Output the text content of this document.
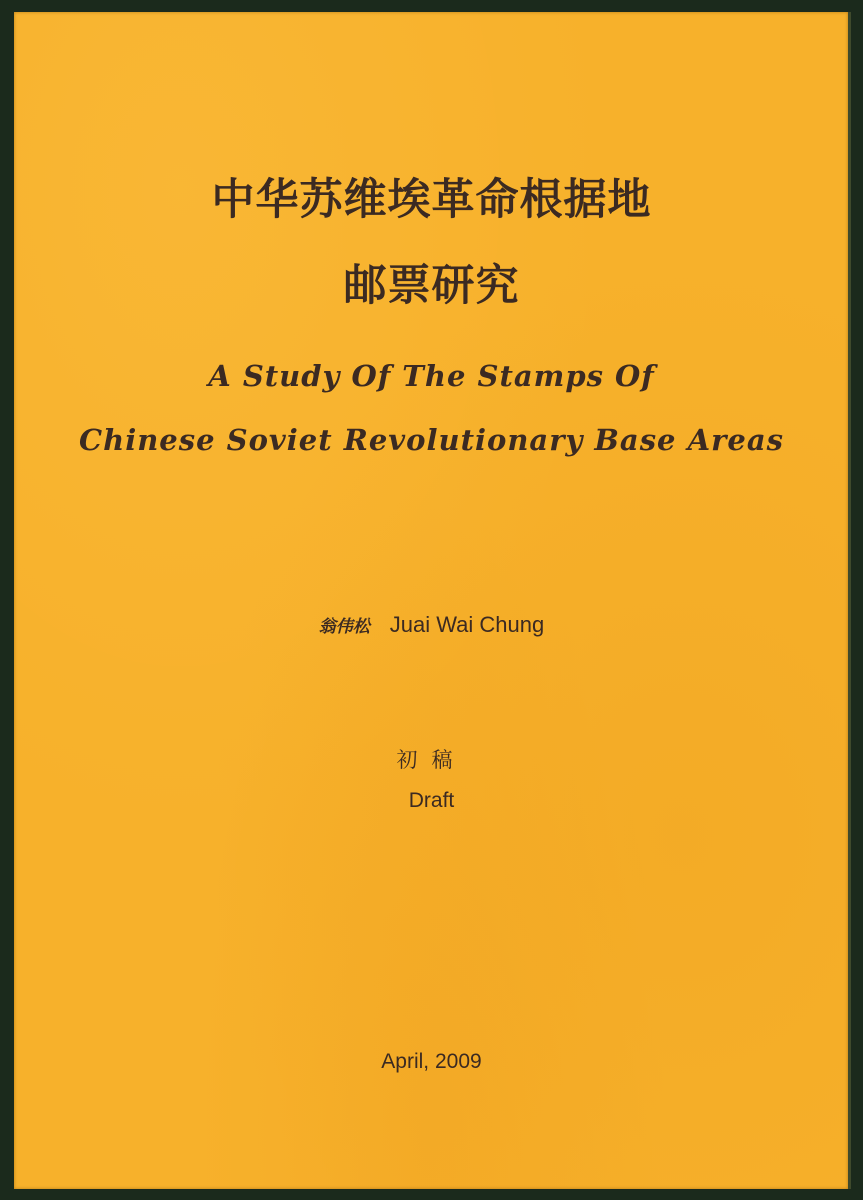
中华苏维埃革命根据地
邮票研究
A Study Of The Stamps Of
Chinese Soviet Revolutionary Base Areas
翁伟松 Juai Wai Chung
初稿
Draft
April, 2009
